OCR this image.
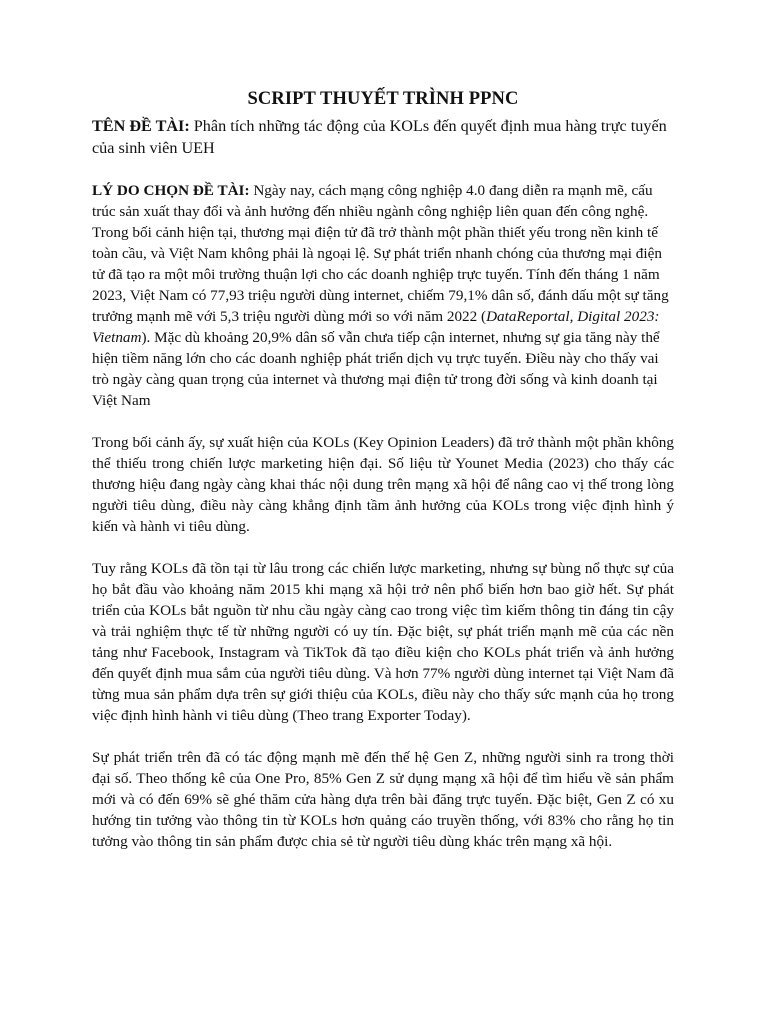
SCRIPT THUYẾT TRÌNH PPNC

TÊN ĐỀ TÀI: Phân tích những tác động của KOLs đến quyết định mua hàng trực tuyến của sinh viên UEH

LÝ DO CHỌN ĐỀ TÀI: Ngày nay, cách mạng công nghiệp 4.0 đang diễn ra mạnh mẽ, cấu trúc sản xuất thay đổi và ảnh hưởng đến nhiều ngành công nghiệp liên quan đến công nghệ. Trong bối cảnh hiện tại, thương mại điện tử đã trở thành một phần thiết yếu trong nền kinh tế toàn cầu, và Việt Nam không phải là ngoại lệ. Sự phát triển nhanh chóng của thương mại điện tử đã tạo ra một môi trường thuận lợi cho các doanh nghiệp trực tuyến. Tính đến tháng 1 năm 2023, Việt Nam có 77,93 triệu người dùng internet, chiếm 79,1% dân số, đánh dấu một sự tăng trưởng mạnh mẽ với 5,3 triệu người dùng mới so với năm 2022 (DataReportal, Digital 2023: Vietnam). Mặc dù khoảng 20,9% dân số vẫn chưa tiếp cận internet, nhưng sự gia tăng này thể hiện tiềm năng lớn cho các doanh nghiệp phát triển dịch vụ trực tuyến. Điều này cho thấy vai trò ngày càng quan trọng của internet và thương mại điện tử trong đời sống và kinh doanh tại Việt Nam

Trong bối cảnh ấy, sự xuất hiện của KOLs (Key Opinion Leaders) đã trở thành một phần không thể thiếu trong chiến lược marketing hiện đại. Số liệu từ Younet Media (2023) cho thấy các thương hiệu đang ngày càng khai thác nội dung trên mạng xã hội để nâng cao vị thế trong lòng người tiêu dùng, điều này càng khẳng định tầm ảnh hưởng của KOLs trong việc định hình ý kiến và hành vi tiêu dùng.

Tuy rằng KOLs đã tồn tại từ lâu trong các chiến lược marketing, nhưng sự bùng nổ thực sự của họ bắt đầu vào khoảng năm 2015 khi mạng xã hội trở nên phổ biến hơn bao giờ hết. Sự phát triển của KOLs bắt nguồn từ nhu cầu ngày càng cao trong việc tìm kiếm thông tin đáng tin cậy và trải nghiệm thực tế từ những người có uy tín. Đặc biệt, sự phát triển mạnh mẽ của các nền tảng như Facebook, Instagram và TikTok đã tạo điều kiện cho KOLs phát triển và ảnh hưởng đến quyết định mua sắm của người tiêu dùng. Và hơn 77% người dùng internet tại Việt Nam đã từng mua sản phẩm dựa trên sự giới thiệu của KOLs, điều này cho thấy sức mạnh của họ trong việc định hình hành vi tiêu dùng (Theo trang Exporter Today).

Sự phát triển trên đã có tác động mạnh mẽ đến thế hệ Gen Z, những người sinh ra trong thời đại số. Theo thống kê của One Pro, 85% Gen Z sử dụng mạng xã hội để tìm hiểu về sản phẩm mới và có đến 69% sẽ ghé thăm cửa hàng dựa trên bài đăng trực tuyến. Đặc biệt, Gen Z có xu hướng tin tưởng vào thông tin từ KOLs hơn quảng cáo truyền thống, với 83% cho rằng họ tin tưởng vào thông tin sản phẩm được chia sẻ từ người tiêu dùng khác trên mạng xã hội.
